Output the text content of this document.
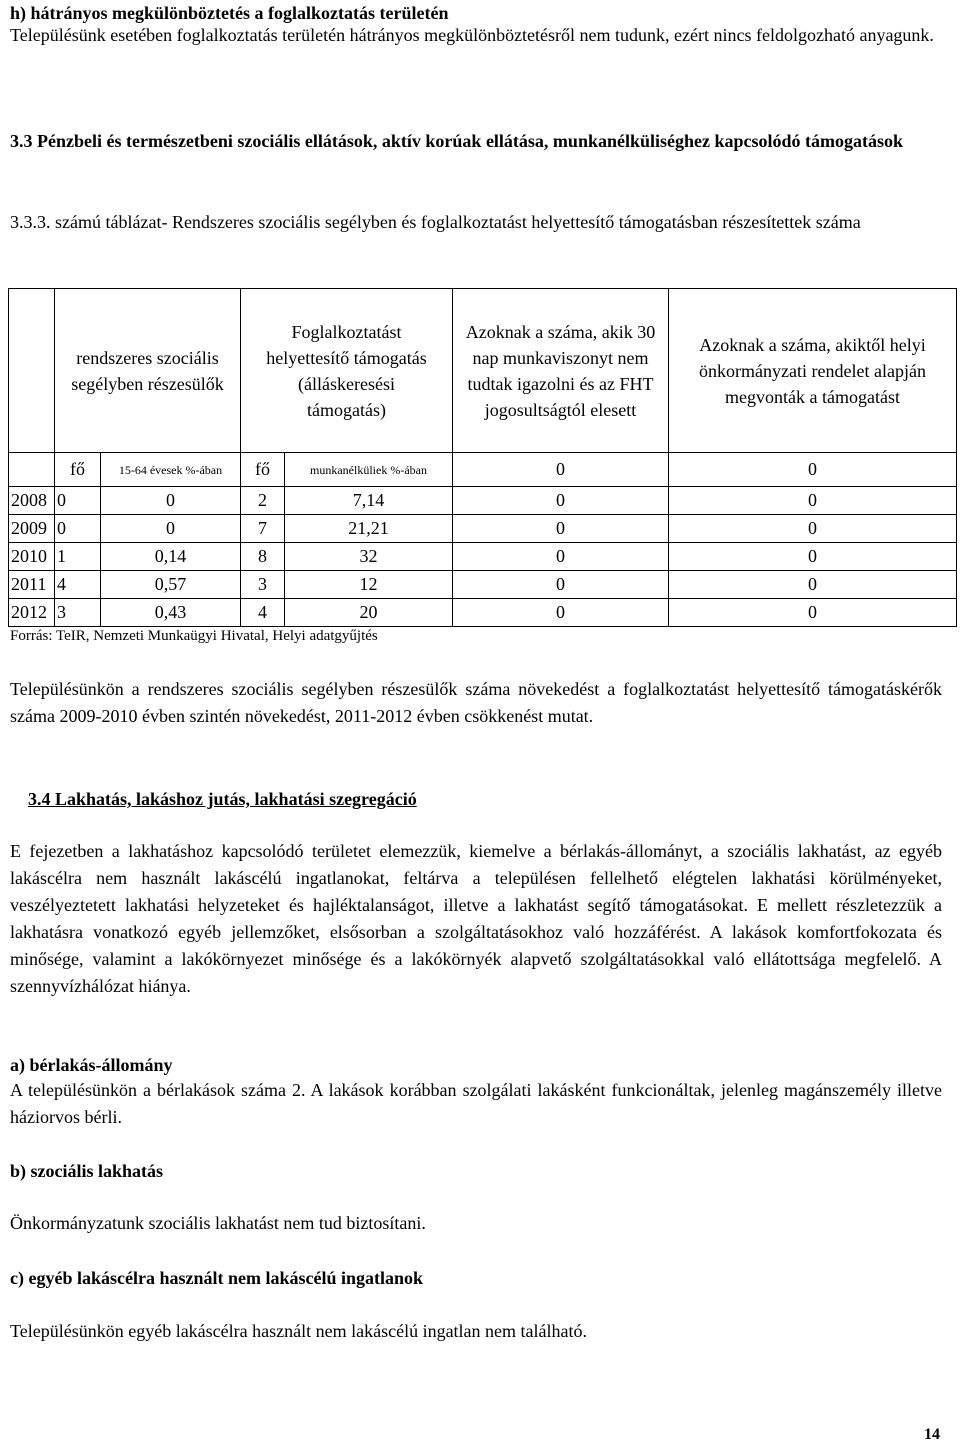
h) hátrányos megkülönböztetés a foglalkoztatás területén
Településünk esetében foglalkoztatás területén hátrányos megkülönböztetésről nem tudunk, ezért nincs feldolgozható anyagunk.
3.3 Pénzbeli és természetbeni szociális ellátások, aktív korúak ellátása, munkanélküliséghez kapcsolódó támogatások
3.3.3. számú táblázat- Rendszeres szociális segélyben és foglalkoztatást helyettesítő támogatásban részesítettek száma
	rendszeres szociális segélyben részesülők		Foglalkoztatást helyettesítő támogatás (álláskeresési támogatás)		Azoknak a száma, akik 30 nap munkaviszonyt nem tudtak igazolni és az FHT jogosultságtól elesett	Azoknak a száma, akiktől helyi önkormányzati rendelet alapján megvonták a támogatást
	fő	15-64 évesek %-ában	fő	munkanélküliek %-ában	0	0
2008	0	0	2	7,14	0	0
2009	0	0	7	21,21	0	0
2010	1	0,14	8	32	0	0
2011	4	0,57	3	12	0	0
2012	3	0,43	4	20	0	0
Forrás: TeIR, Nemzeti Munkaügyi Hivatal, Helyi adatgyűjtés
Településünkön a rendszeres szociális segélyben részesülők száma növekedést a foglalkoztatást helyettesítő támogatáskérők száma 2009-2010 évben szintén növekedést, 2011-2012 évben csökkenést mutat.
3.4 Lakhatás, lakáshoz jutás, lakhatási szegregáció
E fejezetben a lakhatáshoz kapcsolódó területet elemezzük, kiemelve a bérlakás-állományt, a szociális lakhatást, az egyéb lakáscélra nem használt lakáscélú ingatlanokat, feltárva a településen fellelhető elégtelen lakhatási körülményeket, veszélyeztetett lakhatási helyzeteket és hajléktalanságot, illetve a lakhatást segítő támogatásokat. E mellett részletezzük a lakhatásra vonatkozó egyéb jellemzőket, elsősorban a szolgáltatásokhoz való hozzáférést. A lakások komfortfokozata és minősége, valamint a lakókörnyezet minősége és a lakókörnyék alapvető szolgáltatásokkal való ellátottsága megfelelő. A szennyvízhálózat hiánya.
a) bérlakás-állomány
A településünkön a bérlakások száma 2. A lakások korábban szolgálati lakásként funkcionáltak, jelenleg magánszemély illetve háziorvos bérli.
b) szociális lakhatás
Önkormányzatunk szociális lakhatást nem tud biztosítani.
c) egyéb lakáscélra használt nem lakáscélú ingatlanok
Településünkön egyéb lakáscélra használt nem lakáscélú ingatlan nem található.
14
